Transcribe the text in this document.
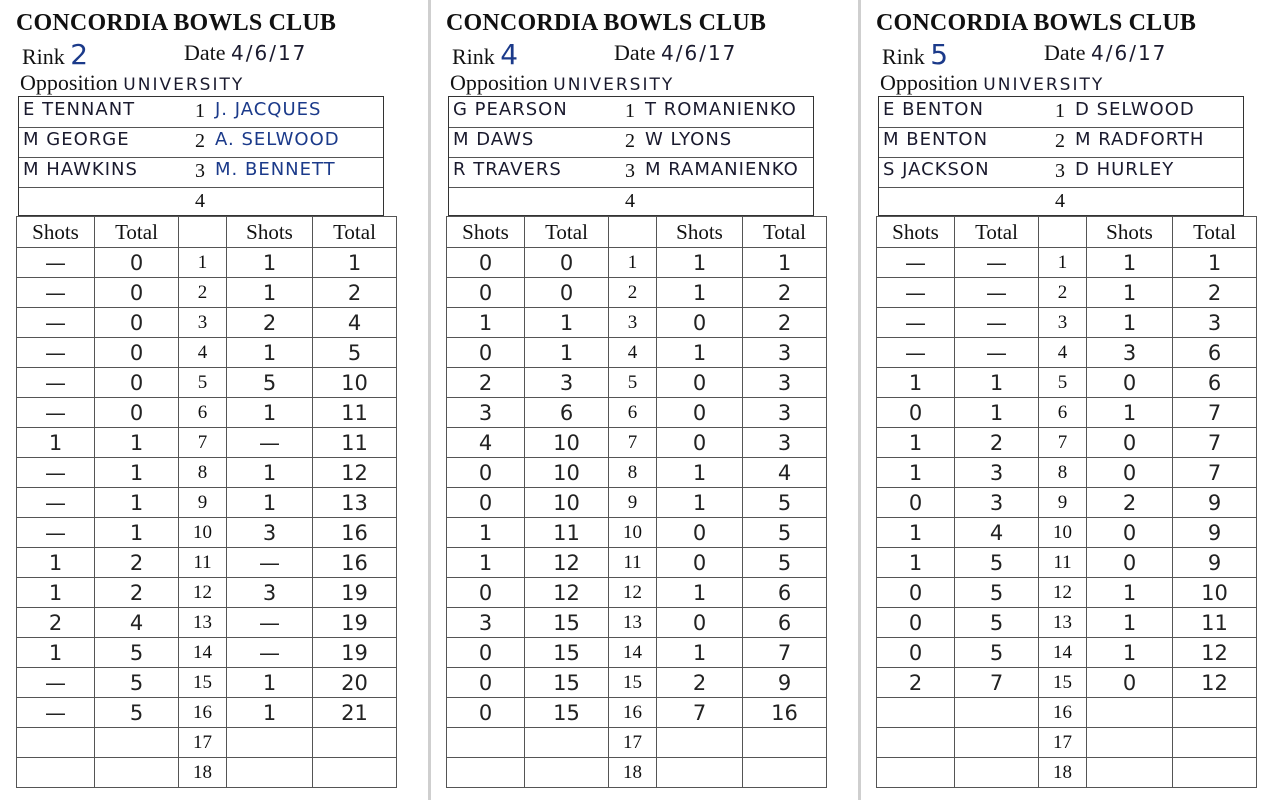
CONCORDIA BOWLS CLUB
Rink 2	Date 4/6/17
Opposition UNIVERSITY
E TENNANT	1 J. JACQUES
M GEORGE	2 A. SELWOOD
M HAWKINS	3 M. BENNETT
4
Shots	Total		Shots	Total
—	0	1	1	1
—	0	2	1	2
—	0	3	2	4
—	0	4	1	5
—	0	5	5	10
—	0	6	1	11
1	1	7	—	11
—	1	8	1	12
—	1	9	1	13
—	1	10	3	16
1	2	11	—	16
1	2	12	3	19
2	4	13	—	19
1	5	14	—	19
—	5	15	1	20
—	5	16	1	21
		17		
		18		
CONCORDIA BOWLS CLUB
Rink 4	Date 4/6/17
Opposition UNIVERSITY
G PEARSON	1 T ROMANIENKO
M DAWS	2 W LYONS
R TRAVERS	3 M RAMANIENKO
4
Shots	Total		Shots	Total
0	0	1	1	1
0	0	2	1	2
1	1	3	0	2
0	1	4	1	3
2	3	5	0	3
3	6	6	0	3
4	10	7	0	3
0	10	8	1	4
0	10	9	1	5
1	11	10	0	5
1	12	11	0	5
0	12	12	1	6
3	15	13	0	6
0	15	14	1	7
0	15	15	2	9
0	15	16	7	16
		17		
		18		
CONCORDIA BOWLS CLUB
Rink 5	Date 4/6/17
Opposition UNIVERSITY
E BENTON	1 D SELWOOD
M BENTON	2 M RADFORTH
S JACKSON	3 D HURLEY
4
Shots	Total		Shots	Total
—	—	1	1	1
—	—	2	1	2
—	—	3	1	3
—	—	4	3	6
1	1	5	0	6
0	1	6	1	7
1	2	7	0	7
1	3	8	0	7
0	3	9	2	9
1	4	10	0	9
1	5	11	0	9
0	5	12	1	10
0	5	13	1	11
0	5	14	1	12
2	7	15	0	12
		16		
		17		
		18		
